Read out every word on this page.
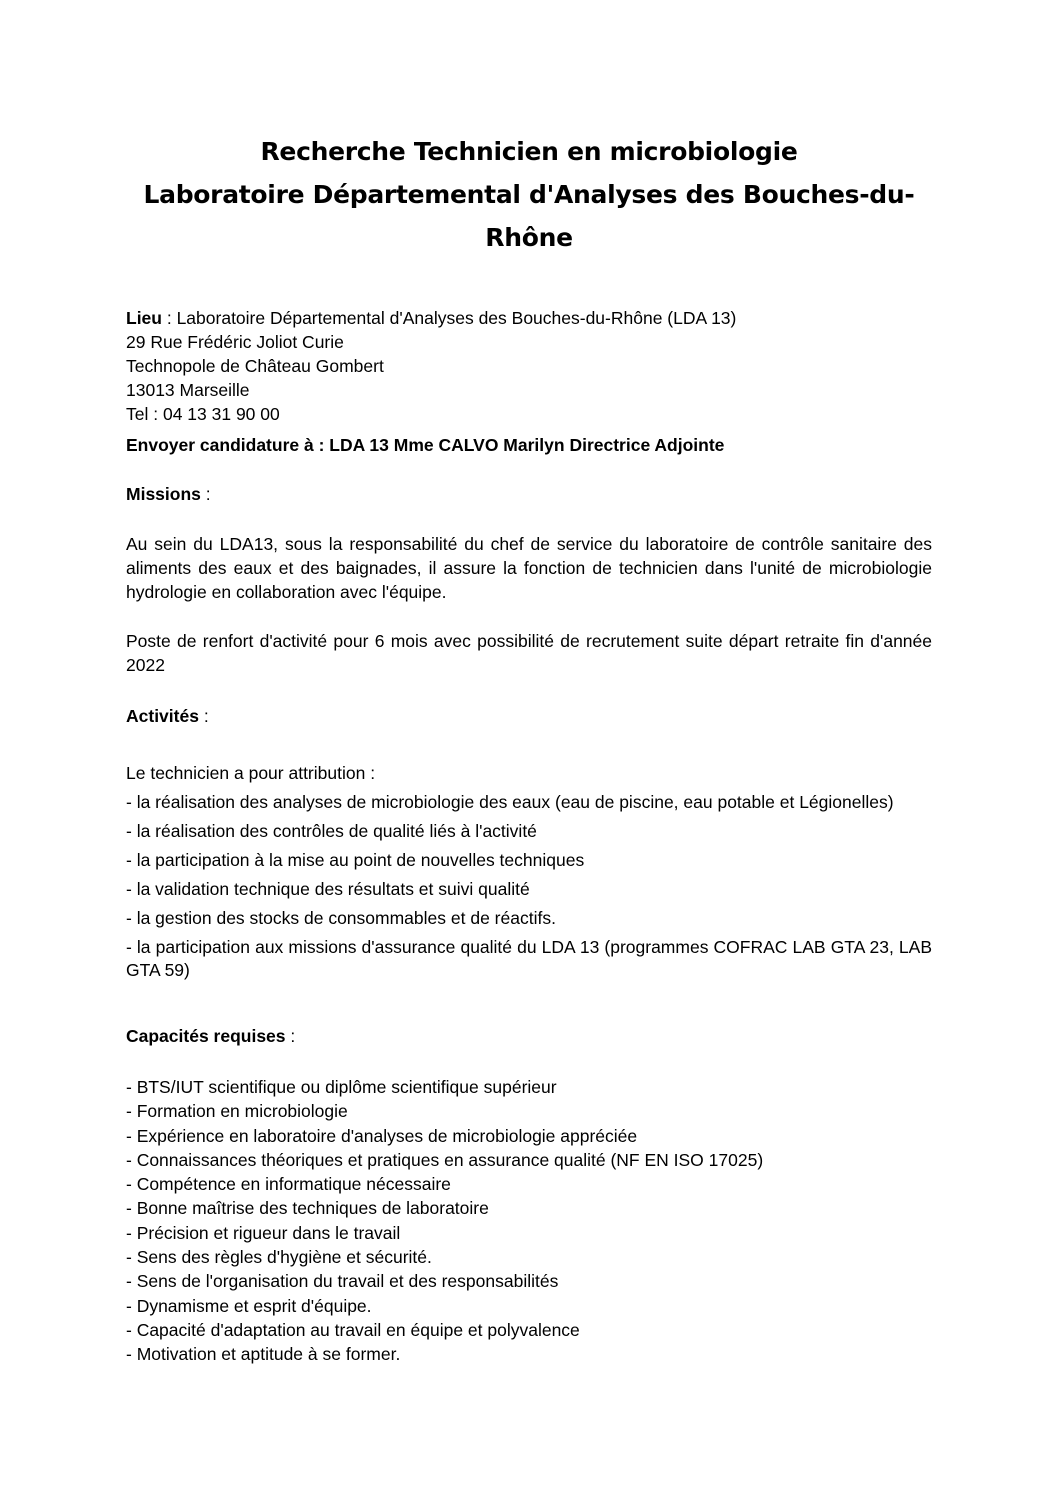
Recherche Technicien en microbiologie
Laboratoire Départemental d'Analyses des Bouches-du-
Rhône
Lieu : Laboratoire Départemental d'Analyses des Bouches-du-Rhône (LDA 13)
29 Rue Frédéric Joliot Curie
Technopole de Château Gombert
13013 Marseille
Tel : 04 13 31 90 00
Envoyer candidature à : LDA 13 Mme CALVO Marilyn Directrice Adjointe
Missions :
Au sein du LDA13, sous la responsabilité du chef de service du laboratoire de contrôle sanitaire des aliments des eaux et des baignades, il assure la fonction de technicien dans l'unité de microbiologie hydrologie en collaboration avec l'équipe.
Poste de renfort d'activité pour 6 mois avec possibilité de recrutement suite départ retraite fin d'année 2022
Activités :
Le technicien a pour attribution :
- la réalisation des analyses de microbiologie des eaux (eau de piscine, eau potable et Légionelles)
- la réalisation des contrôles de qualité liés à l'activité
- la participation à la mise au point de nouvelles techniques
- la validation technique des résultats et suivi qualité
- la gestion des stocks de consommables et de réactifs.
- la participation aux missions d'assurance qualité du LDA 13 (programmes COFRAC LAB GTA 23, LAB GTA 59)
Capacités requises :
- BTS/IUT scientifique ou diplôme scientifique supérieur
- Formation en microbiologie
- Expérience en laboratoire d'analyses de microbiologie appréciée
- Connaissances théoriques et pratiques en assurance qualité (NF EN ISO 17025)
- Compétence en informatique nécessaire
- Bonne maîtrise des techniques de laboratoire
- Précision et rigueur dans le travail
- Sens des règles d'hygiène et sécurité.
- Sens de l'organisation du travail et des responsabilités
- Dynamisme et esprit d'équipe.
- Capacité d'adaptation au travail en équipe et polyvalence
- Motivation et aptitude à se former.
